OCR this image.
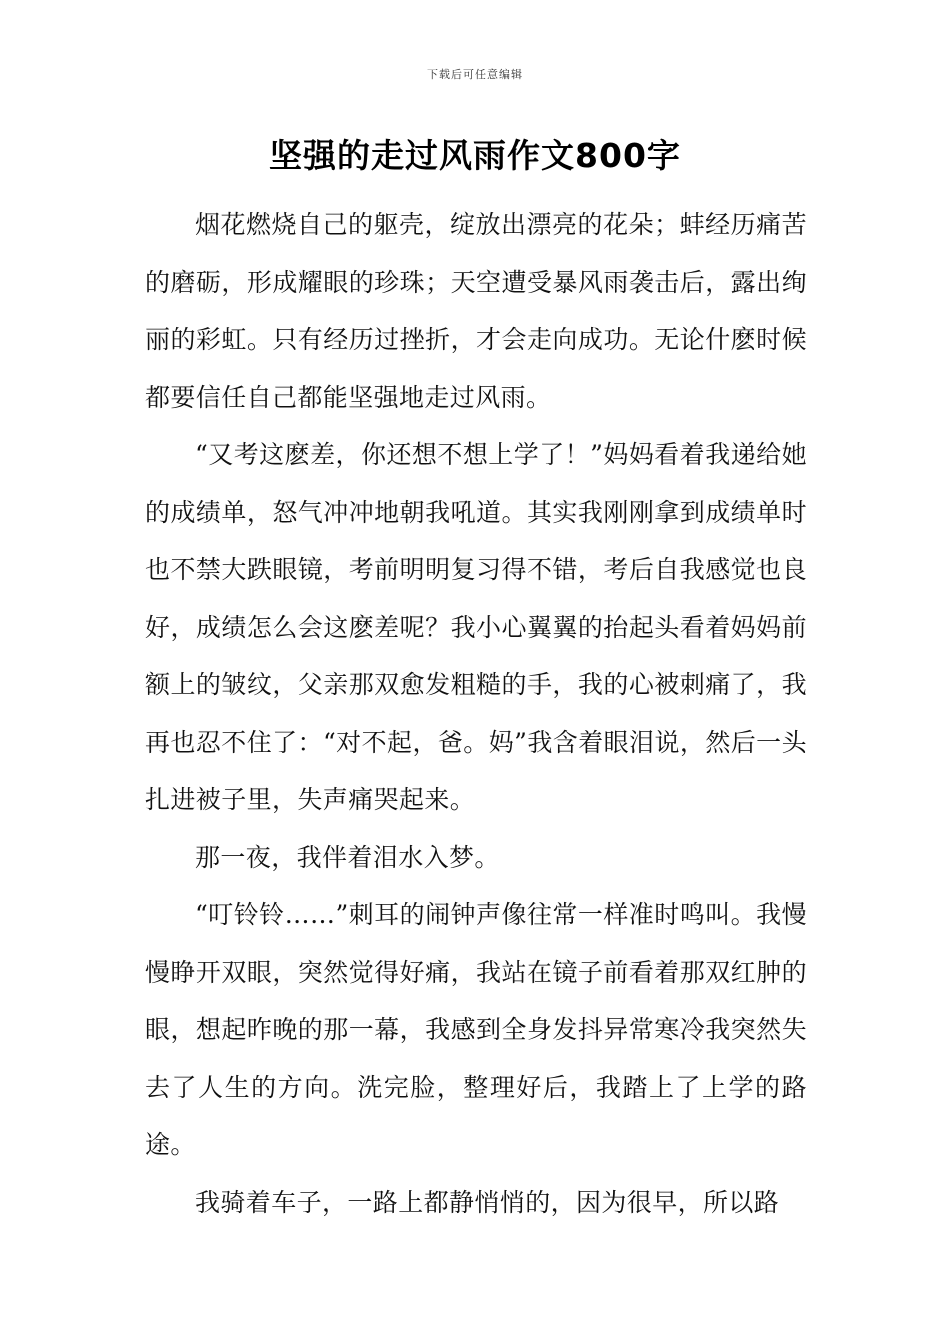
下载后可任意编辑
坚强的走过风雨作文800字

烟花燃烧自己的躯壳，绽放出漂亮的花朵；蚌经历痛苦的磨砺，形成耀眼的珍珠；天空遭受暴风雨袭击后，露出绚丽的彩虹。只有经历过挫折，才会走向成功。无论什麽时候都要信任自己都能坚强地走过风雨。

“又考这麽差，你还想不想上学了！”妈妈看着我递给她的成绩单，怒气冲冲地朝我吼道。其实我刚刚拿到成绩单时也不禁大跌眼镜，考前明明复习得不错，考后自我感觉也良好，成绩怎么会这麽差呢？我小心翼翼的抬起头看着妈妈前额上的皱纹，父亲那双愈发粗糙的手，我的心被刺痛了，我再也忍不住了：“对不起，爸。妈”我含着眼泪说，然后一头扎进被子里，失声痛哭起来。

那一夜，我伴着泪水入梦。

“叮铃铃……”刺耳的闹钟声像往常一样准时鸣叫。我慢慢睁开双眼，突然觉得好痛，我站在镜子前看着那双红肿的眼，想起昨晚的那一幕，我感到全身发抖异常寒冷我突然失去了人生的方向。洗完脸，整理好后，我踏上了上学的路途。

我骑着车子，一路上都静悄悄的，因为很早，所以路
